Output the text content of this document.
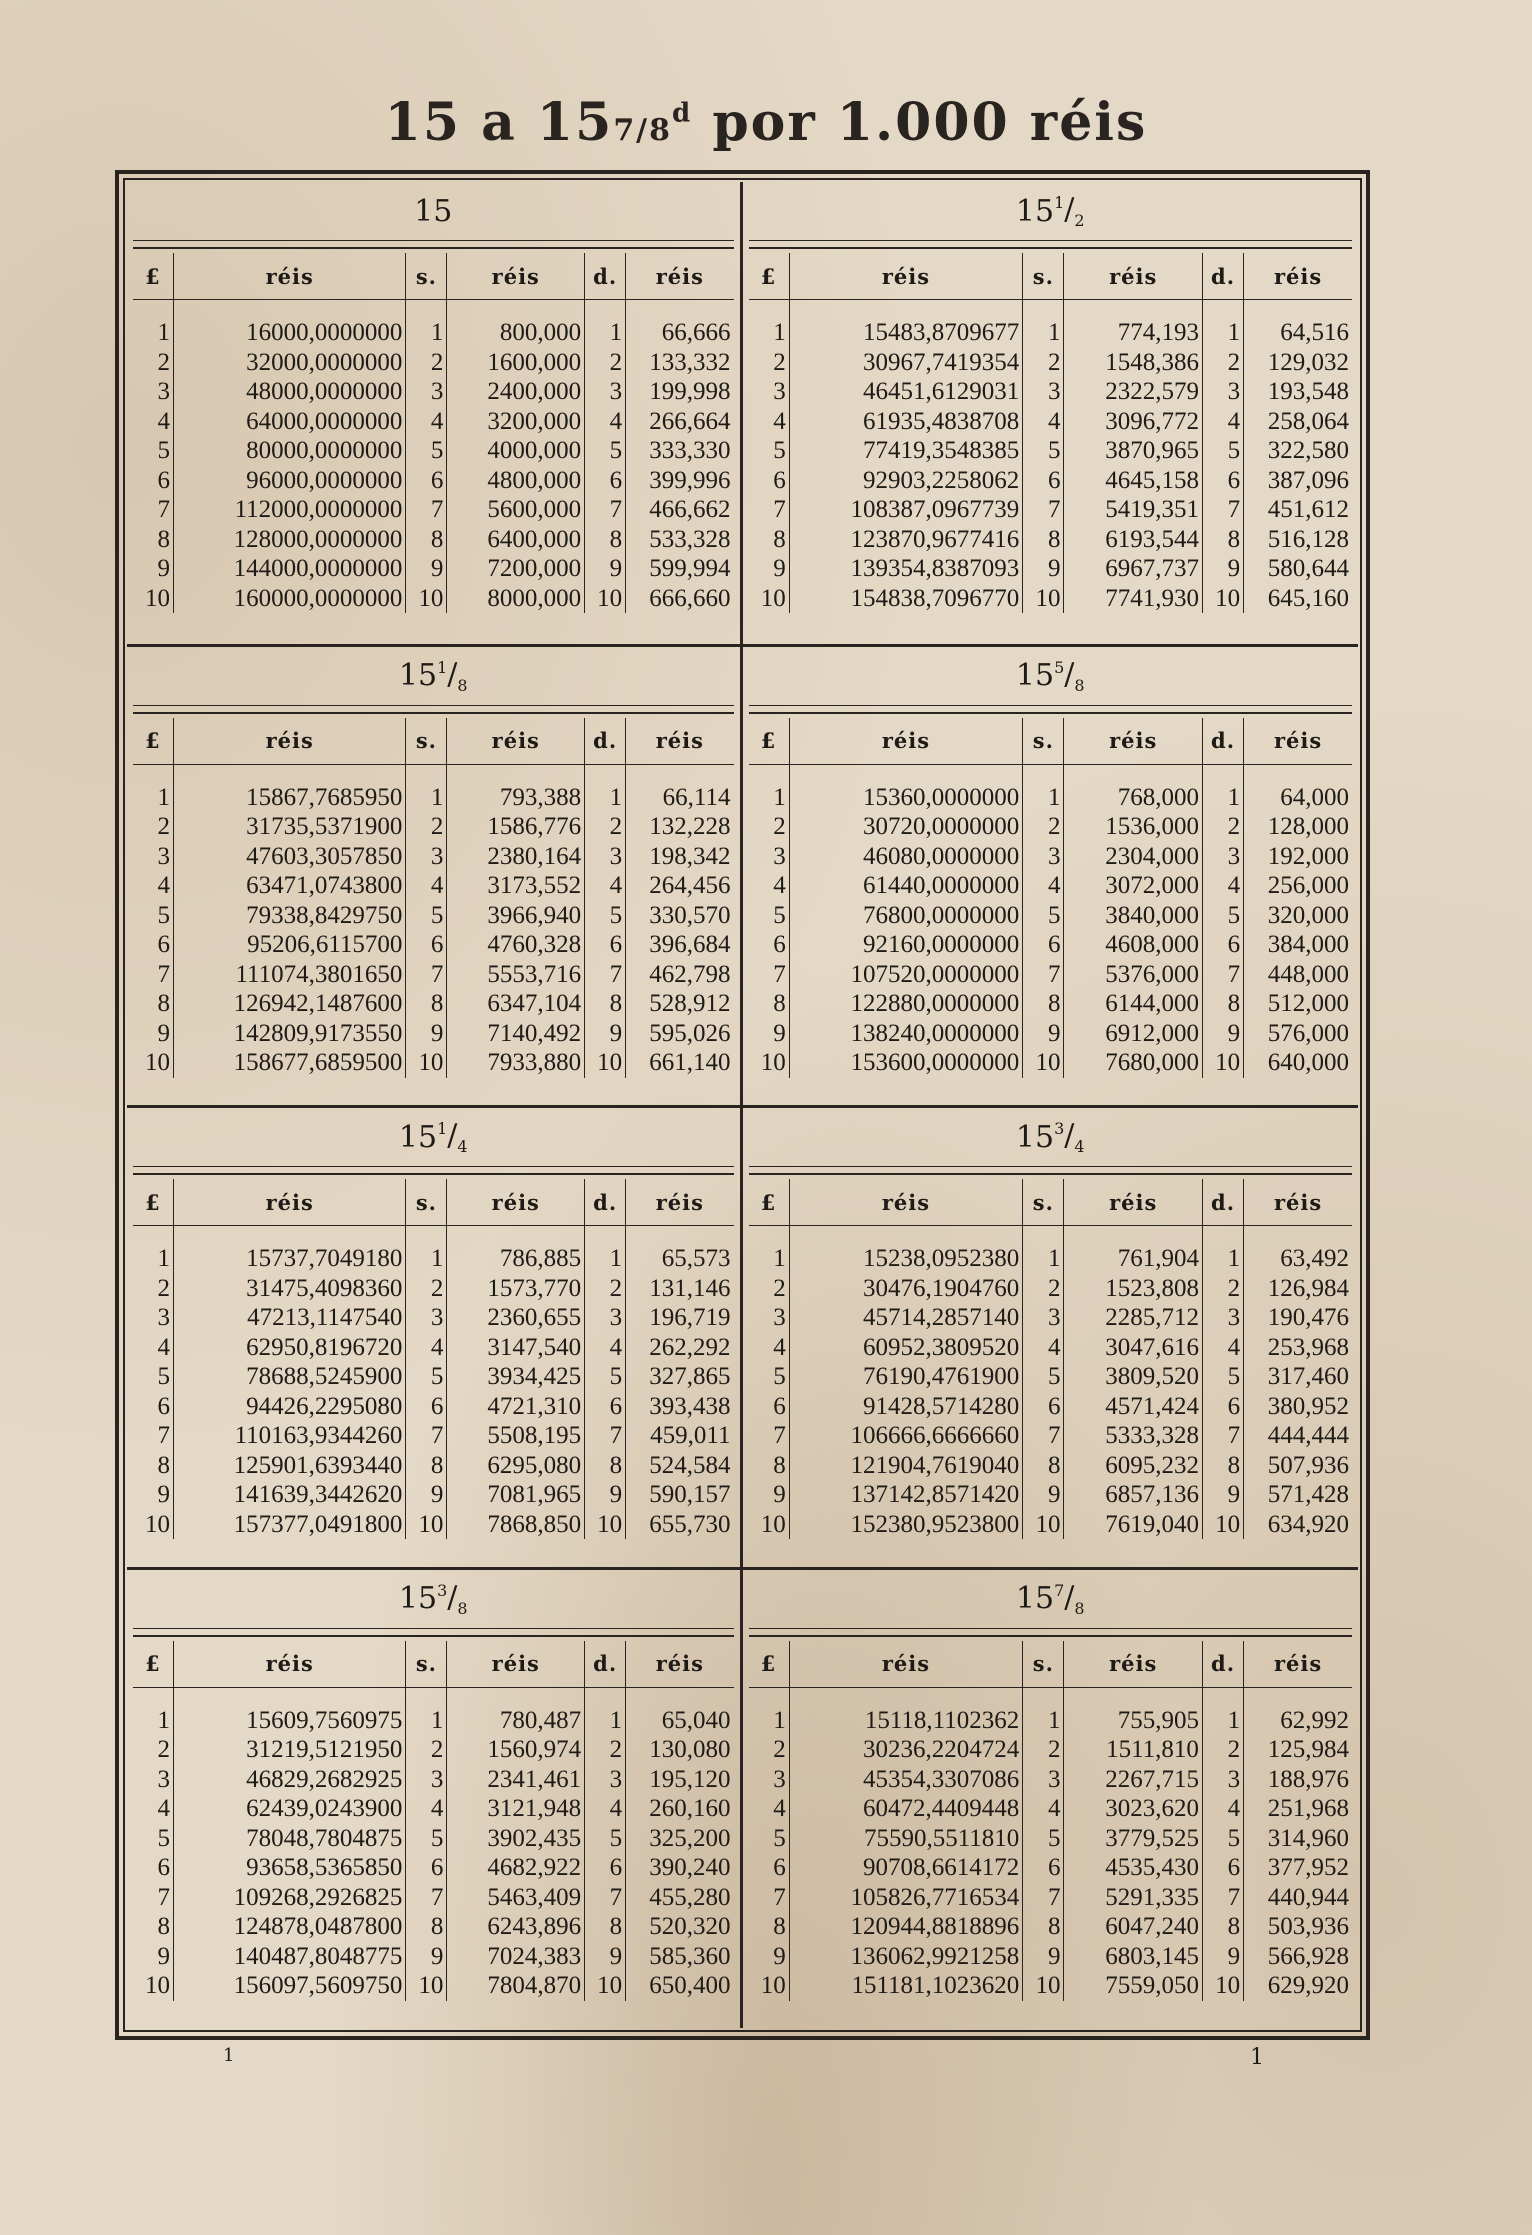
15 a 157/8$^d$ por 1.000 réis
15
£	réis	s.	réis	d.	réis
1	16000,0000000	1	800,000	1	66,666
2	32000,0000000	2	1600,000	2	133,332
3	48000,0000000	3	2400,000	3	199,998
4	64000,0000000	4	3200,000	4	266,664
5	80000,0000000	5	4000,000	5	333,330
6	96000,0000000	6	4800,000	6	399,996
7	112000,0000000	7	5600,000	7	466,662
8	128000,0000000	8	6400,000	8	533,328
9	144000,0000000	9	7200,000	9	599,994
10	160000,0000000	10	8000,000	10	666,660
15 $^1/_2$
£	réis	s.	réis	d.	réis
1	15483,8709677	1	774,193	1	64,516
2	30967,7419354	2	1548,386	2	129,032
3	46451,6129031	3	2322,579	3	193,548
4	61935,4838708	4	3096,772	4	258,064
5	77419,3548385	5	3870,965	5	322,580
6	92903,2258062	6	4645,158	6	387,096
7	108387,0967739	7	5419,351	7	451,612
8	123870,9677416	8	6193,544	8	516,128
9	139354,8387093	9	6967,737	9	580,644
10	154838,7096770	10	7741,930	10	645,160
15 $^1/_8$
£	réis	s.	réis	d.	réis
1	15867,7685950	1	793,388	1	66,114
2	31735,5371900	2	1586,776	2	132,228
3	47603,3057850	3	2380,164	3	198,342
4	63471,0743800	4	3173,552	4	264,456
5	79338,8429750	5	3966,940	5	330,570
6	95206,6115700	6	4760,328	6	396,684
7	111074,3801650	7	5553,716	7	462,798
8	126942,1487600	8	6347,104	8	528,912
9	142809,9173550	9	7140,492	9	595,026
10	158677,6859500	10	7933,880	10	661,140
15 $^5/_8$
£	réis	s.	réis	d.	réis
1	15360,0000000	1	768,000	1	64,000
2	30720,0000000	2	1536,000	2	128,000
3	46080,0000000	3	2304,000	3	192,000
4	61440,0000000	4	3072,000	4	256,000
5	76800,0000000	5	3840,000	5	320,000
6	92160,0000000	6	4608,000	6	384,000
7	107520,0000000	7	5376,000	7	448,000
8	122880,0000000	8	6144,000	8	512,000
9	138240,0000000	9	6912,000	9	576,000
10	153600,0000000	10	7680,000	10	640,000
15 $^1/_4$
£	réis	s.	réis	d.	réis
1	15737,7049180	1	786,885	1	65,573
2	31475,4098360	2	1573,770	2	131,146
3	47213,1147540	3	2360,655	3	196,719
4	62950,8196720	4	3147,540	4	262,292
5	78688,5245900	5	3934,425	5	327,865
6	94426,2295080	6	4721,310	6	393,438
7	110163,9344260	7	5508,195	7	459,011
8	125901,6393440	8	6295,080	8	524,584
9	141639,3442620	9	7081,965	9	590,157
10	157377,0491800	10	7868,850	10	655,730
15 $^3/_4$
£	réis	s.	réis	d.	réis
1	15238,0952380	1	761,904	1	63,492
2	30476,1904760	2	1523,808	2	126,984
3	45714,2857140	3	2285,712	3	190,476
4	60952,3809520	4	3047,616	4	253,968
5	76190,4761900	5	3809,520	5	317,460
6	91428,5714280	6	4571,424	6	380,952
7	106666,6666660	7	5333,328	7	444,444
8	121904,7619040	8	6095,232	8	507,936
9	137142,8571420	9	6857,136	9	571,428
10	152380,9523800	10	7619,040	10	634,920
15 $^3/_8$
£	réis	s.	réis	d.	réis
1	15609,7560975	1	780,487	1	65,040
2	31219,5121950	2	1560,974	2	130,080
3	46829,2682925	3	2341,461	3	195,120
4	62439,0243900	4	3121,948	4	260,160
5	78048,7804875	5	3902,435	5	325,200
6	93658,5365850	6	4682,922	6	390,240
7	109268,2926825	7	5463,409	7	455,280
8	124878,0487800	8	6243,896	8	520,320
9	140487,8048775	9	7024,383	9	585,360
10	156097,5609750	10	7804,870	10	650,400
15 $^7/_8$
£	réis	s.	réis	d.	réis
1	15118,1102362	1	755,905	1	62,992
2	30236,2204724	2	1511,810	2	125,984
3	45354,3307086	3	2267,715	3	188,976
4	60472,4409448	4	3023,620	4	251,968
5	75590,5511810	5	3779,525	5	314,960
6	90708,6614172	6	4535,430	6	377,952
7	105826,7716534	7	5291,335	7	440,944
8	120944,8818896	8	6047,240	8	503,936
9	136062,9921258	9	6803,145	9	566,928
10	151181,1023620	10	7559,050	10	629,920
1	1
